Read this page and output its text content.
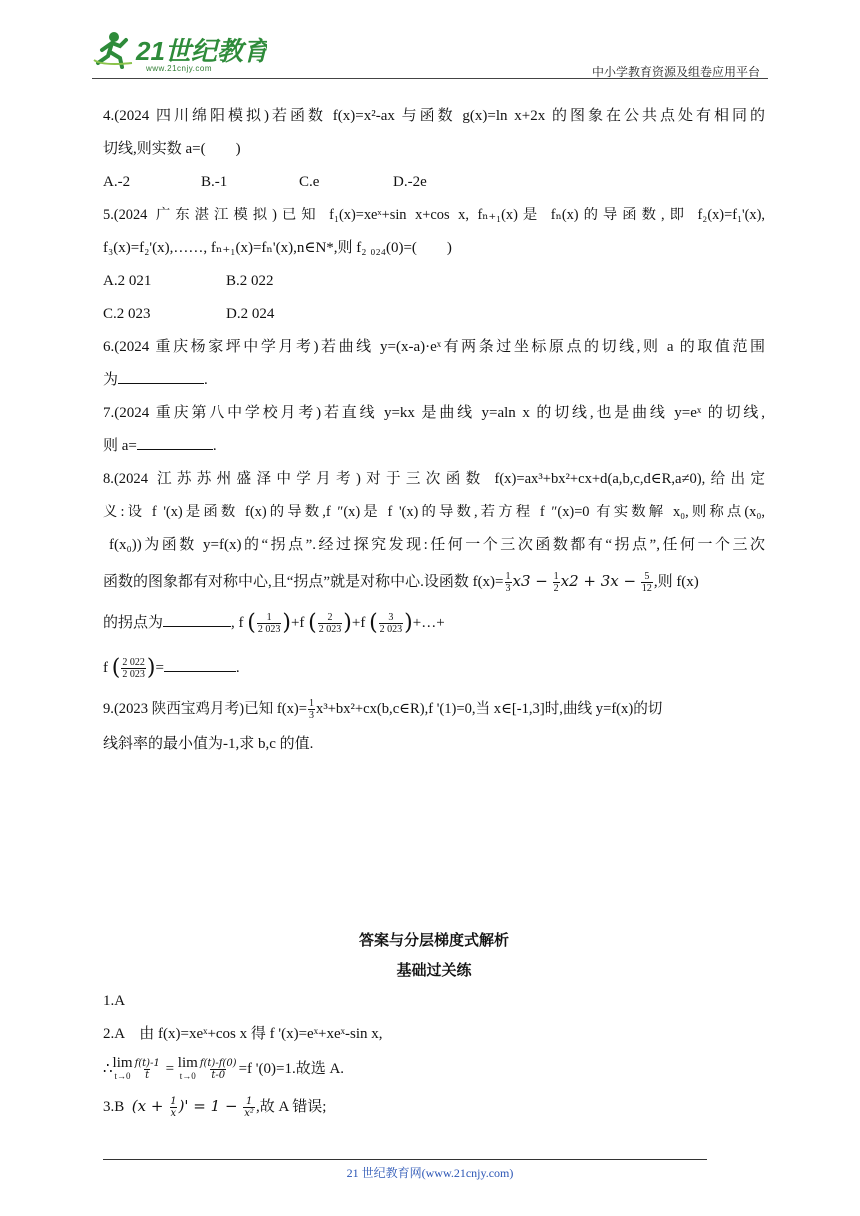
21世纪教育
www.21cnjy.com	中小学教育资源及组卷应用平台

4.(2024 四川绵阳模拟)若函数 f(x)=x²-ax 与函数 g(x)=ln x+2x 的图象在公共点处有相同的

切线,则实数 a=(　　)

A.-2	B.-1	C.e	D.-2e

5.(2024 广东湛江模拟)已知 f₁(x)=xeˣ+sin x+cos x, fₙ₊₁(x)是 fₙ(x)的导函数,即 f₂(x)=f₁'(x),

f₃(x)=f₂'(x),……, fₙ₊₁(x)=fₙ'(x),n∈N*,则 f₂ ₀₂₄(0)=(　　)

A.2 021	B.2 022

C.2 023	D.2 024

6.(2024 重庆杨家坪中学月考)若曲线 y=(x-a)·eˣ有两条过坐标原点的切线,则 a 的取值范围

为	.

7.(2024 重庆第八中学校月考)若直线 y=kx 是曲线 y=aln x 的切线,也是曲线 y=eˣ 的切线,

则 a=	.

8.(2024 江苏苏州盛泽中学月考)对于三次函数 f(x)=ax³+bx²+cx+d(a,b,c,d∈R,a≠0),给出定

义:设 f '(x)是函数 f(x)的导数,f ″(x)是 f '(x)的导数,若方程 f ″(x)=0 有实数解 x₀,则称点(x₀,

f(x₀))为函数 y=f(x)的“拐点”.经过探究发现:任何一个三次函数都有“拐点”,任何一个三次

函数的图象都有对称中心,且“拐点”就是对称中心.设函数 $f(x)= \frac{1}{3} x3 - \frac{1}{2} x2 + 3x - \frac{5}{12}$ ,则 f(x)

的拐点为	, f ( $\frac{1}{2 023} )+f$ ( $\frac{2}{2 023} )+f$ ( $\frac{3}{2 023}$ )+…+

f ( $\frac{2 022}{2 023}$ )=	.

9.(2023 陕西宝鸡月考)已知 $f(x)= \frac{1}{3}$ x³+bx²+cx(b,c∈R),f '(1)=0,当 x∈[-1,3]时,曲线 y=f(x)的切

线斜率的最小值为-1,求 b,c 的值.

答案与分层梯度式解析

基础过关练

1.A

2.A　由 f(x)=xeˣ+cos x 得 f '(x)=eˣ+xeˣ-sin x,

∴ lim
$t\to 0 \frac{f(t)-1}{t} = \lim$
$t\to 0 \frac{f(t)-f(0)}{t-0} =f$ '(0)=1.故选 A.

3.B ($x + \frac{1}{x}$ )' = $1 - \frac{1}{\text{x²}}$ ,故 A 错误;

21 世纪教育网(www.21cnjy.com)
